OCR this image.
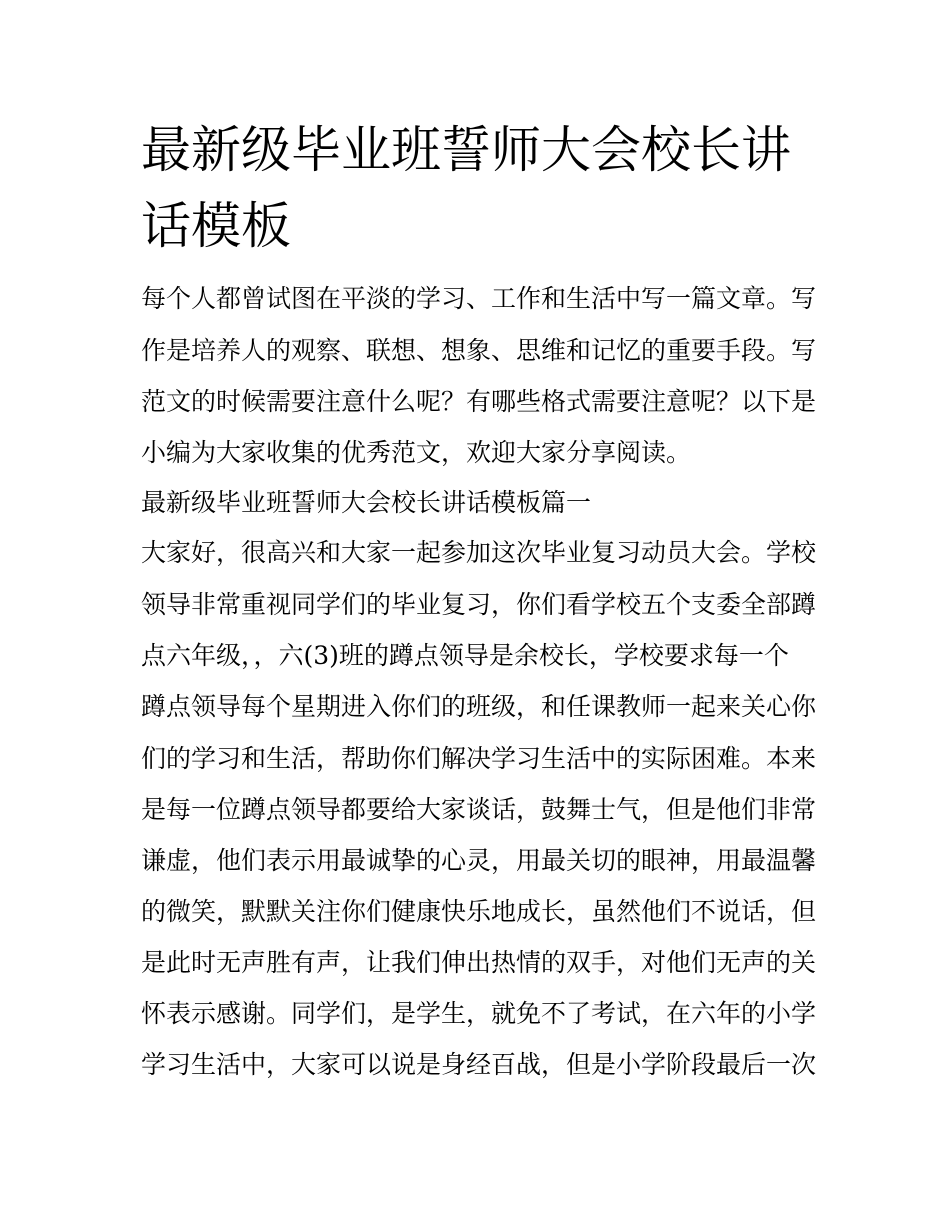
最新级毕业班誓师大会校长讲话模板

每个人都曾试图在平淡的学习、工作和生活中写一篇文章。写

作是培养人的观察、联想、想象、思维和记忆的重要手段。写

范文的时候需要注意什么呢？有哪些格式需要注意呢？以下是

小编为大家收集的优秀范文，欢迎大家分享阅读。

最新级毕业班誓师大会校长讲话模板篇一

大家好，很高兴和大家一起参加这次毕业复习动员大会。学校

领导非常重视同学们的毕业复习，你们看学校五个支委全部蹲

点六年级，，六(3)班的蹲点领导是余校长，学校要求每一个

蹲点领导每个星期进入你们的班级，和任课教师一起来关心你

们的学习和生活，帮助你们解决学习生活中的实际困难。本来

是每一位蹲点领导都要给大家谈话，鼓舞士气，但是他们非常

谦虚，他们表示用最诚挚的心灵，用最关切的眼神，用最温馨

的微笑，默默关注你们健康快乐地成长，虽然他们不说话，但

是此时无声胜有声，让我们伸出热情的双手，对他们无声的关

怀表示感谢。同学们，是学生，就免不了考试，在六年的小学

学习生活中，大家可以说是身经百战，但是小学阶段最后一次
